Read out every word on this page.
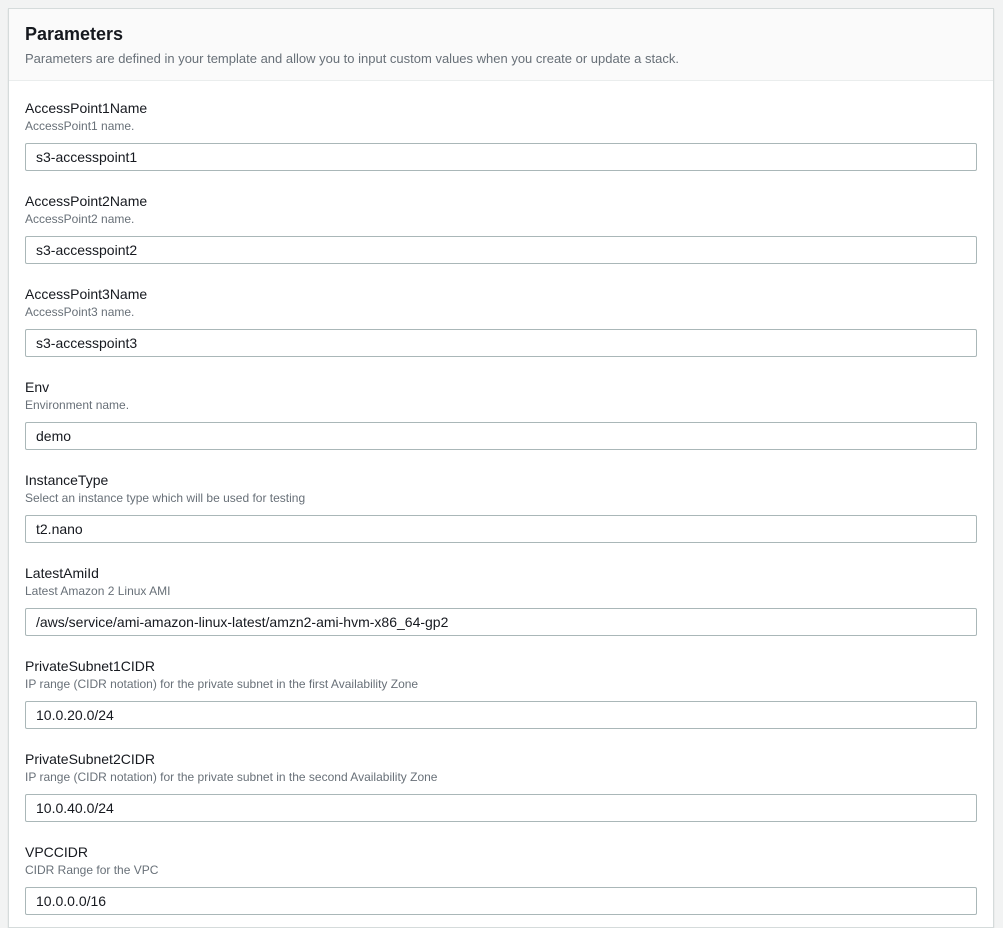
Parameters
Parameters are defined in your template and allow you to input custom values when you create or update a stack.
AccessPoint1Name
AccessPoint1 name.
s3-accesspoint1
AccessPoint2Name
AccessPoint2 name.
s3-accesspoint2
AccessPoint3Name
AccessPoint3 name.
s3-accesspoint3
Env
Environment name.
demo
InstanceType
Select an instance type which will be used for testing
t2.nano
LatestAmiId
Latest Amazon 2 Linux AMI
/aws/service/ami-amazon-linux-latest/amzn2-ami-hvm-x86_64-gp2
PrivateSubnet1CIDR
IP range (CIDR notation) for the private subnet in the first Availability Zone
10.0.20.0/24
PrivateSubnet2CIDR
IP range (CIDR notation) for the private subnet in the second Availability Zone
10.0.40.0/24
VPCCIDR
CIDR Range for the VPC
10.0.0.0/16
